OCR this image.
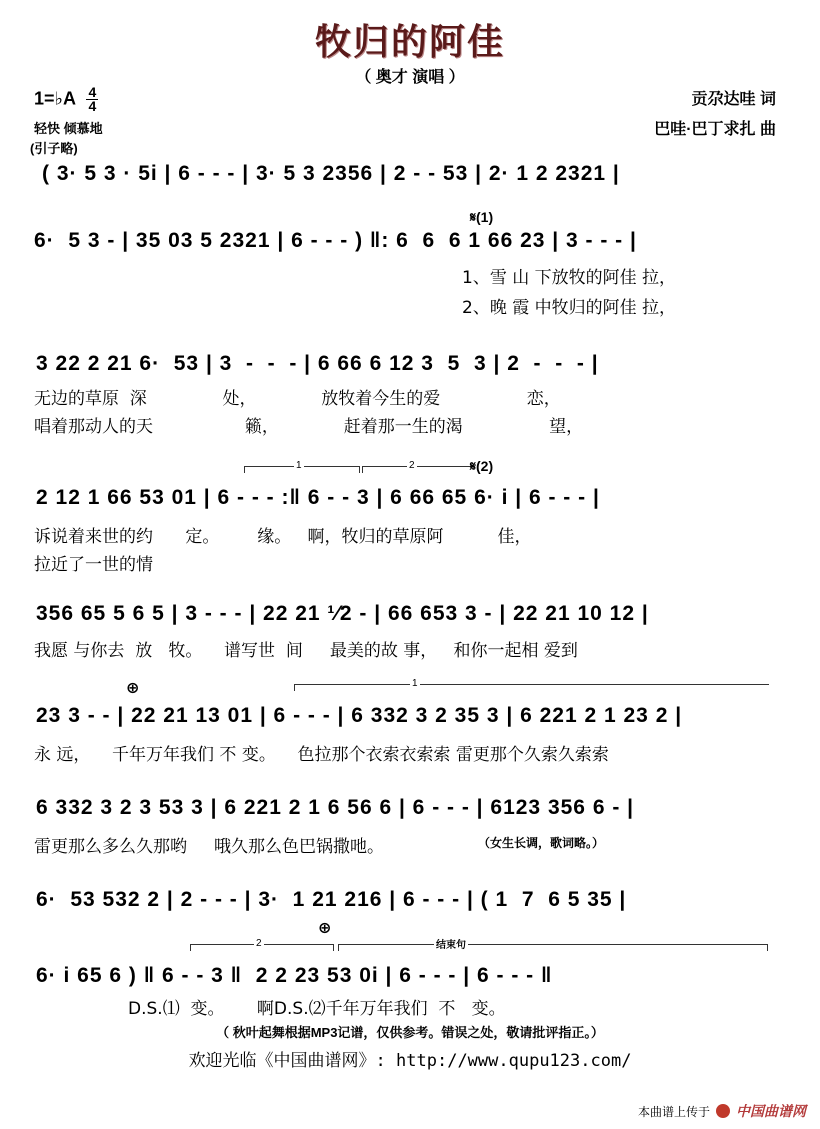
牧归的阿佳
（ 奥才 演唱 ）
1=♭A $\frac{4}{4}$
轻快 倾慕地
(引子略)
贡尕达哇 词
巴哇·巴丁求扎 曲
( 3· 5 3 · 5i | 6 - - - | 3· 5 3 2356 | 2 - - 53 | 2· 1 2 2321 |
𝄋(1)
6·  5 3 - | 35 03 5 2321 | 6 - - - ) ‖: 6  6  6 1 66 23 | 3 - - - |
1、雪 山 下放牧的阿佳 拉，
2、晚 霞 中牧归的阿佳 拉，
3 22 2 21 6·  53 | 3  -  -  - | 6 66 6 12 3  5  3 | 2  -  -  - |
无边的草原  深              处，            放牧着今生的爱                恋，
唱着那动人的天                 籁，            赶着那一生的渴                望，
1	2	𝄋(2)
2 12 1 66 53 01 | 6 - - - :‖ 6 - - 3 | 6 66 65 6· i | 6 - - - |
诉说着来世的约      定。       缘。   啊，牧归的草原阿          佳，
拉近了一世的情
356 65 5 6 5 | 3 - - - | 22 21 ¹⁄2 - | 66 653 3 - | 22 21 10 12 |
我愿 与你去  放   牧。    谱写世  间     最美的故 事，   和你一起相 爱到
⊕	1
23 3 - - | 22 21 13 01 | 6 - - - | 6 332 3 2 35 3 | 6 221 2 1 23 2 |
永 远，    千年万年我们 不 变。    色拉那个衣索衣索索 雷更那个久索久索索
6 332 3 2 3 53 3 | 6 221 2 1 6 56 6 | 6 - - - | 6123 356 6 - |
雷更那么多么久那哟     哦久那么色巴锅撒吔。	（女生长调，歌词略。）
6·  53 532 2 | 2 - - - | 3·  1 21 216 | 6 - - - | ( 1  7  6 5 35 |
2
⊕
结束句
6· i 65 6 ) ‖ 6 - - 3 ‖  2 2 23 53 0i | 6 - - - | 6 - - - ‖
D.S.⑴  变。      啊D.S.⑵千年万年我们  不   变。
（ 秋叶起舞根据MP3记谱，仅供参考。错误之处，敬请批评指正。）
欢迎光临《中国曲谱网》: http://www.qupu123.com/
本曲谱上传于 中国曲谱网
